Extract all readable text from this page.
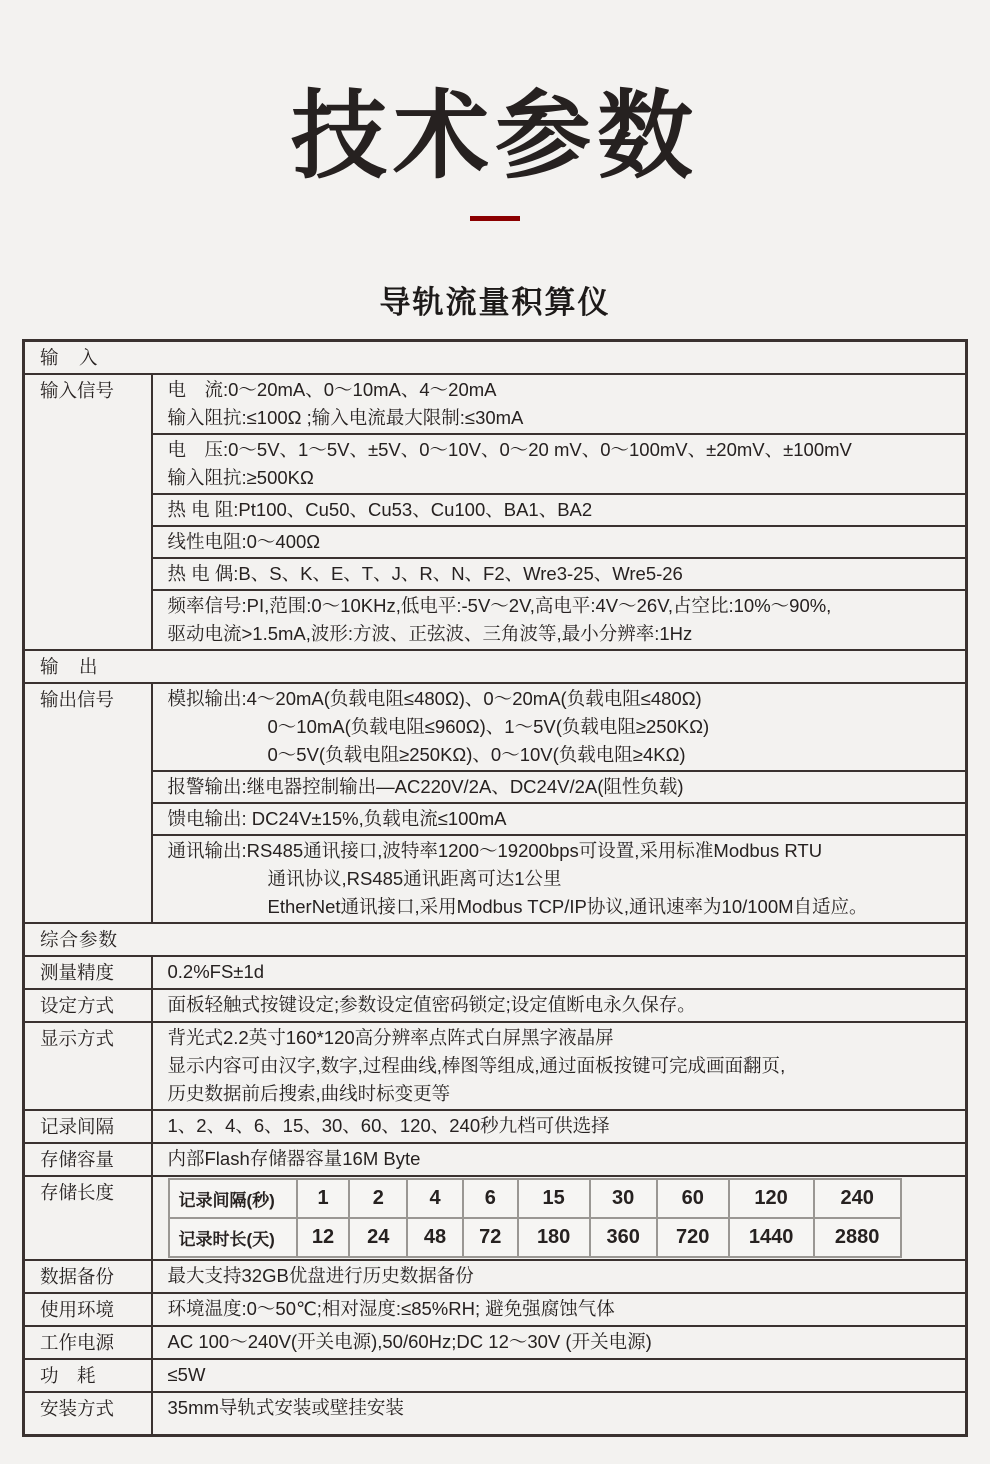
技术参数
导轨流量积算仪
输　入
输入信号	电　流:0～20mA、0～10mA、4～20mA
输入阻抗:≤100Ω ;输入电流最大限制:≤30mA

电　压:0～5V、1～5V、±5V、0～10V、0～20 mV、0～100mV、±20mV、±100mV
输入阻抗:≥500KΩ

热 电 阻:Pt100、Cu50、Cu53、Cu100、BA1、BA2

线性电阻:0～400Ω

热 电 偶:B、S、K、E、T、J、R、N、F2、Wre3-25、Wre5-26

频率信号:PI,范围:0～10KHz,低电平:-5V～2V,高电平:4V～26V,占空比:10%～90%,
驱动电流>1.5mA,波形:方波、正弦波、三角波等,最小分辨率:1Hz

输　出
输出信号	模拟输出:4～20mA(负载电阻≤480Ω)、0～20mA(负载电阻≤480Ω)
0～10mA(负载电阻≤960Ω)、1～5V(负载电阻≥250KΩ)
0～5V(负载电阻≥250KΩ)、0～10V(负载电阻≥4KΩ)

报警输出:继电器控制输出—AC220V/2A、DC24V/2A(阻性负载)

馈电输出: DC24V±15%,负载电流≤100mA

通讯输出:RS485通讯接口,波特率1200～19200bps可设置,采用标准Modbus RTU
通讯协议,RS485通讯距离可达1公里
EtherNet通讯接口,采用Modbus TCP/IP协议,通讯速率为10/100M自适应。

综合参数
测量精度	0.2%FS±1d

设定方式	面板轻触式按键设定;参数设定值密码锁定;设定值断电永久保存。

显示方式	背光式2.2英寸160*120高分辨率点阵式白屏黑字液晶屏
显示内容可由汉字,数字,过程曲线,棒图等组成,通过面板按键可完成画面翻页,
历史数据前后搜索,曲线时标变更等

记录间隔	1、2、4、6、15、30、60、120、240秒九档可供选择

存储容量	内部Flash存储器容量16M Byte

存储长度		记录间隔(秒)	1	2	4	6	15	30	60	120	240
记录时长(天)	12	24	48	72	180	360	720	1440	2880

数据备份	最大支持32GB优盘进行历史数据备份

使用环境	环境温度:0～50℃;相对湿度:≤85%RH; 避免强腐蚀气体

工作电源	AC 100～240V(开关电源),50/60Hz;DC 12～30V (开关电源)

功　耗	≤5W

安装方式	35mm导轨式安装或壁挂安装
